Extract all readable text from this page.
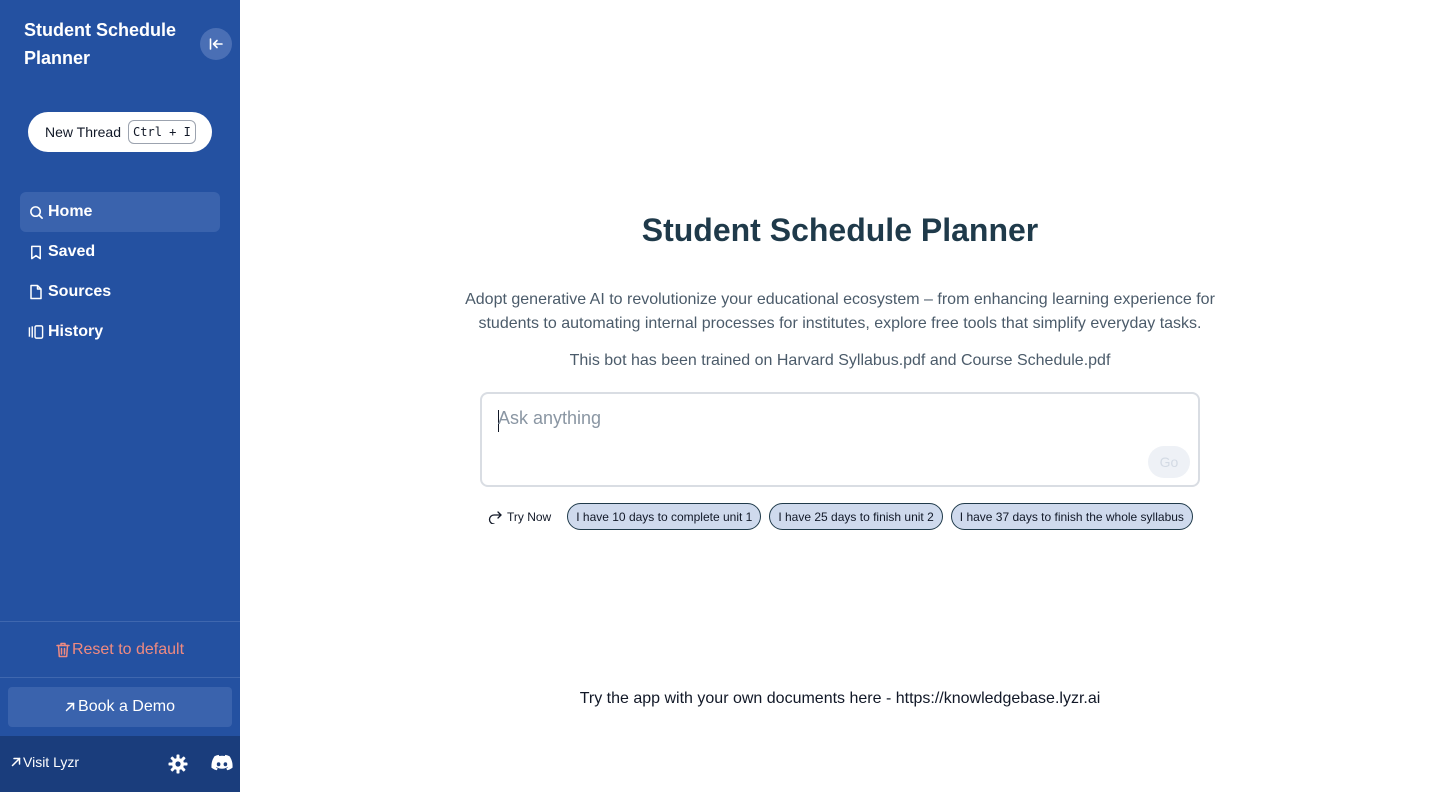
Student Schedule Planner
New Thread	Ctrl + I
Home
Saved
Sources
History
Reset to default
Book a Demo
Visit Lyzr
Student Schedule Planner

Adopt generative AI to revolutionize your educational ecosystem – from enhancing learning experience for students to automating internal processes for institutes, explore free tools that simplify everyday tasks.

This bot has been trained on Harvard Syllabus.pdf and Course Schedule.pdf

Ask anything
Go
Try Now	I have 10 days to complete unit 1	I have 25 days to finish unit 2	I have 37 days to finish the whole syllabus

Try the app with your own documents here - https://knowledgebase.lyzr.ai
